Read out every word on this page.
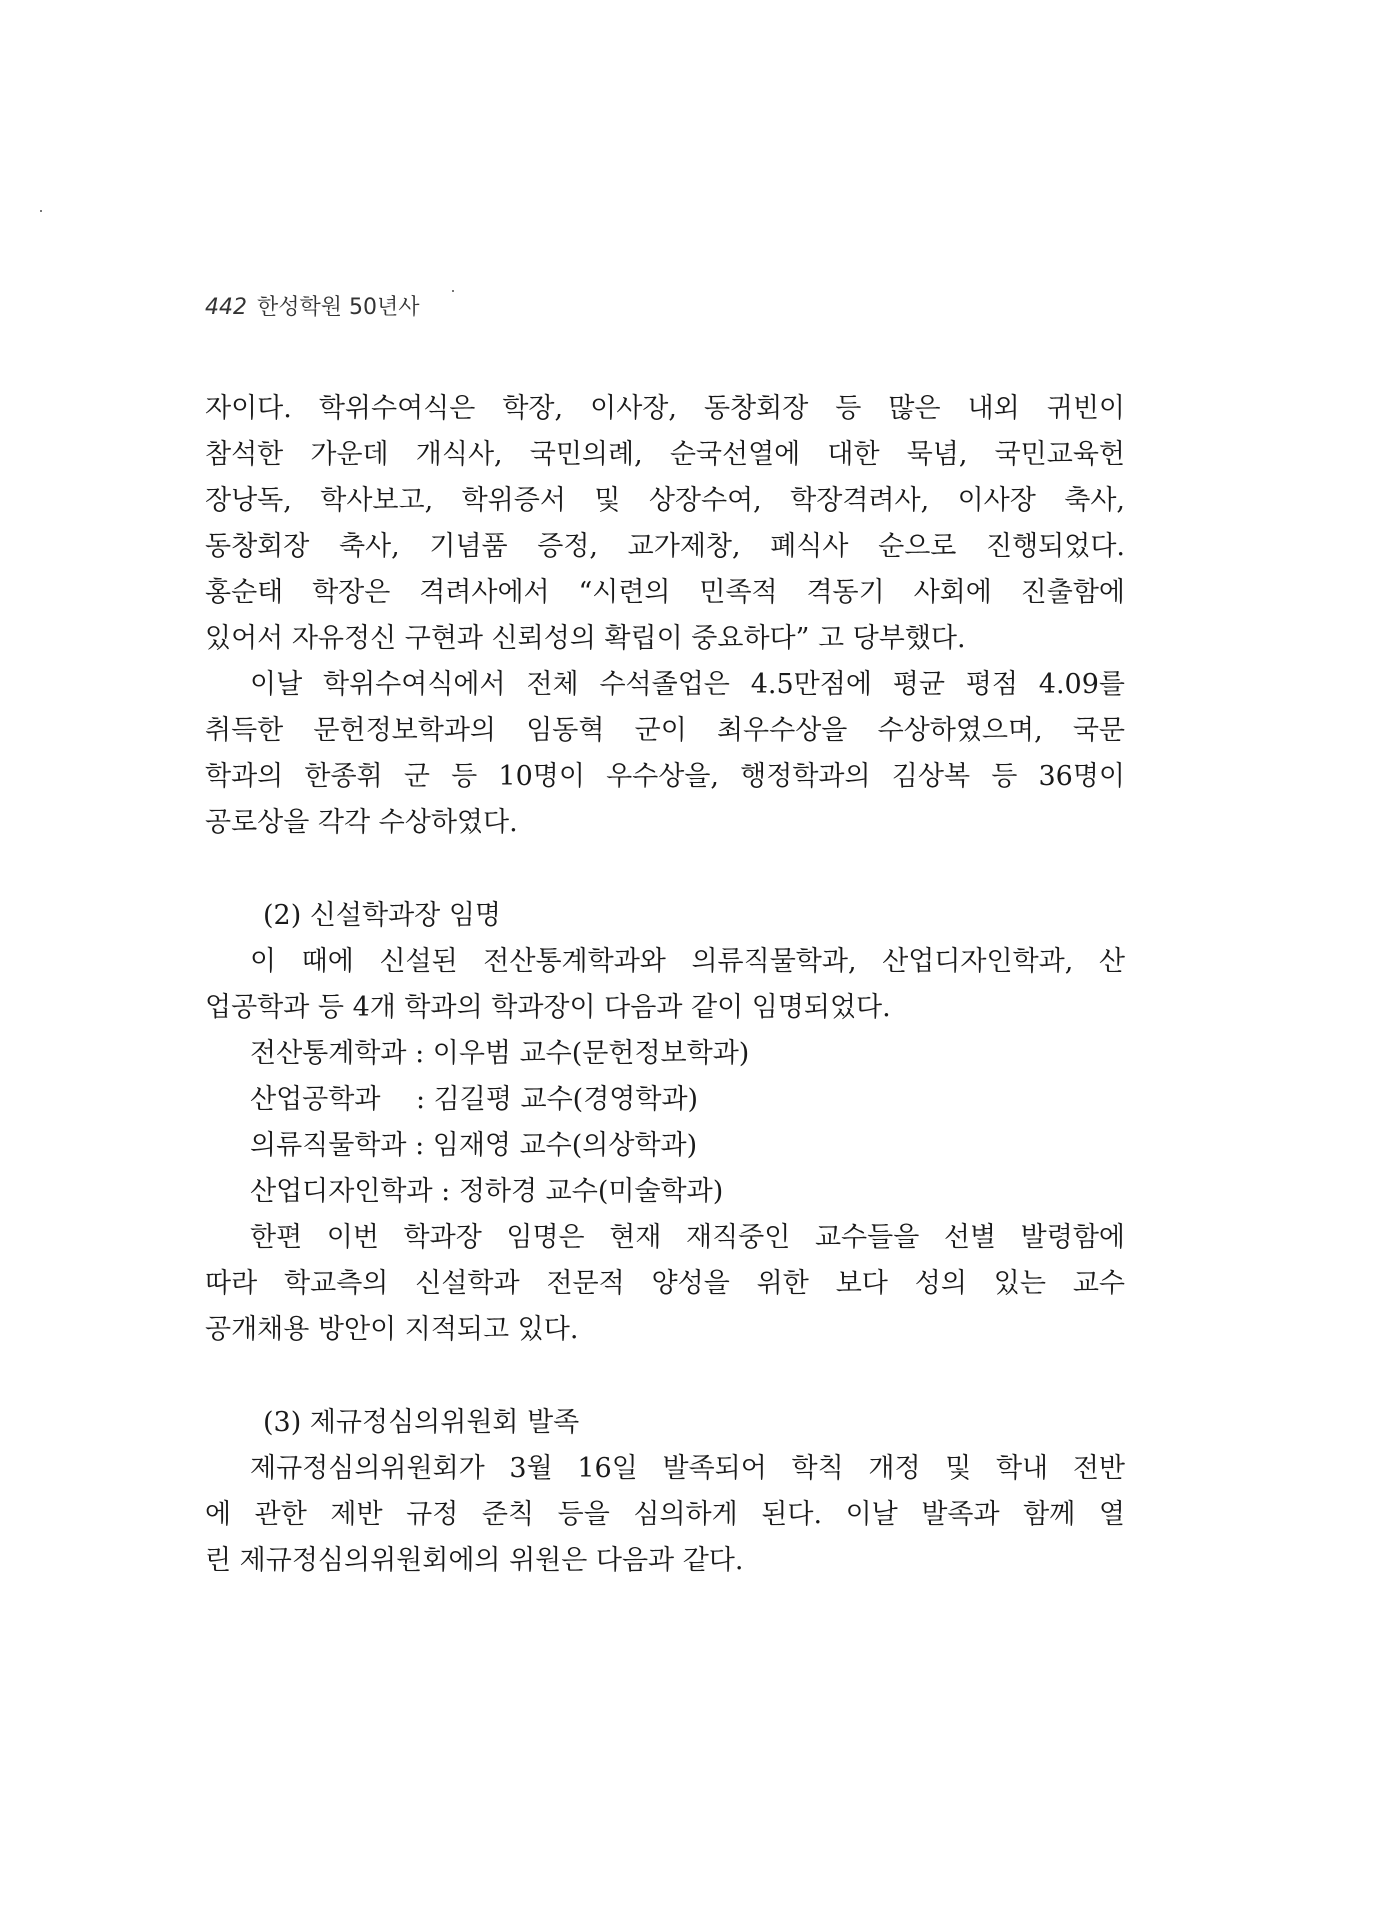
442 한성학원 50년사
자이다. 학위수여식은 학장, 이사장, 동창회장 등 많은 내외 귀빈이
참석한 가운데 개식사, 국민의례, 순국선열에 대한 묵념, 국민교육헌
장낭독, 학사보고, 학위증서 및 상장수여, 학장격려사, 이사장 축사,
동창회장 축사, 기념품 증정, 교가제창, 폐식사 순으로 진행되었다.
홍순태 학장은 격려사에서 “시련의 민족적 격동기 사회에 진출함에
있어서 자유정신 구현과 신뢰성의 확립이 중요하다” 고 당부했다.
이날 학위수여식에서 전체 수석졸업은 4.5만점에 평균 평점 4.09를
취득한 문헌정보학과의 임동혁 군이 최우수상을 수상하였으며, 국문
학과의 한종휘 군 등 10명이 우수상을, 행정학과의 김상복 등 36명이
공로상을 각각 수상하였다.
(2) 신설학과장 임명
이 때에 신설된 전산통계학과와 의류직물학과, 산업디자인학과, 산
업공학과 등 4개 학과의 학과장이 다음과 같이 임명되었다.
전산통계학과 : 이우범 교수(문헌정보학과)
산업공학과　 : 김길평 교수(경영학과)
의류직물학과 : 임재영 교수(의상학과)
산업디자인학과 : 정하경 교수(미술학과)
한편 이번 학과장 임명은 현재 재직중인 교수들을 선별 발령함에
따라 학교측의 신설학과 전문적 양성을 위한 보다 성의 있는 교수
공개채용 방안이 지적되고 있다.
(3) 제규정심의위원회 발족
제규정심의위원회가 3월 16일 발족되어 학칙 개정 및 학내 전반
에 관한 제반 규정 준칙 등을 심의하게 된다. 이날 발족과 함께 열
린 제규정심의위원회에의 위원은 다음과 같다.
